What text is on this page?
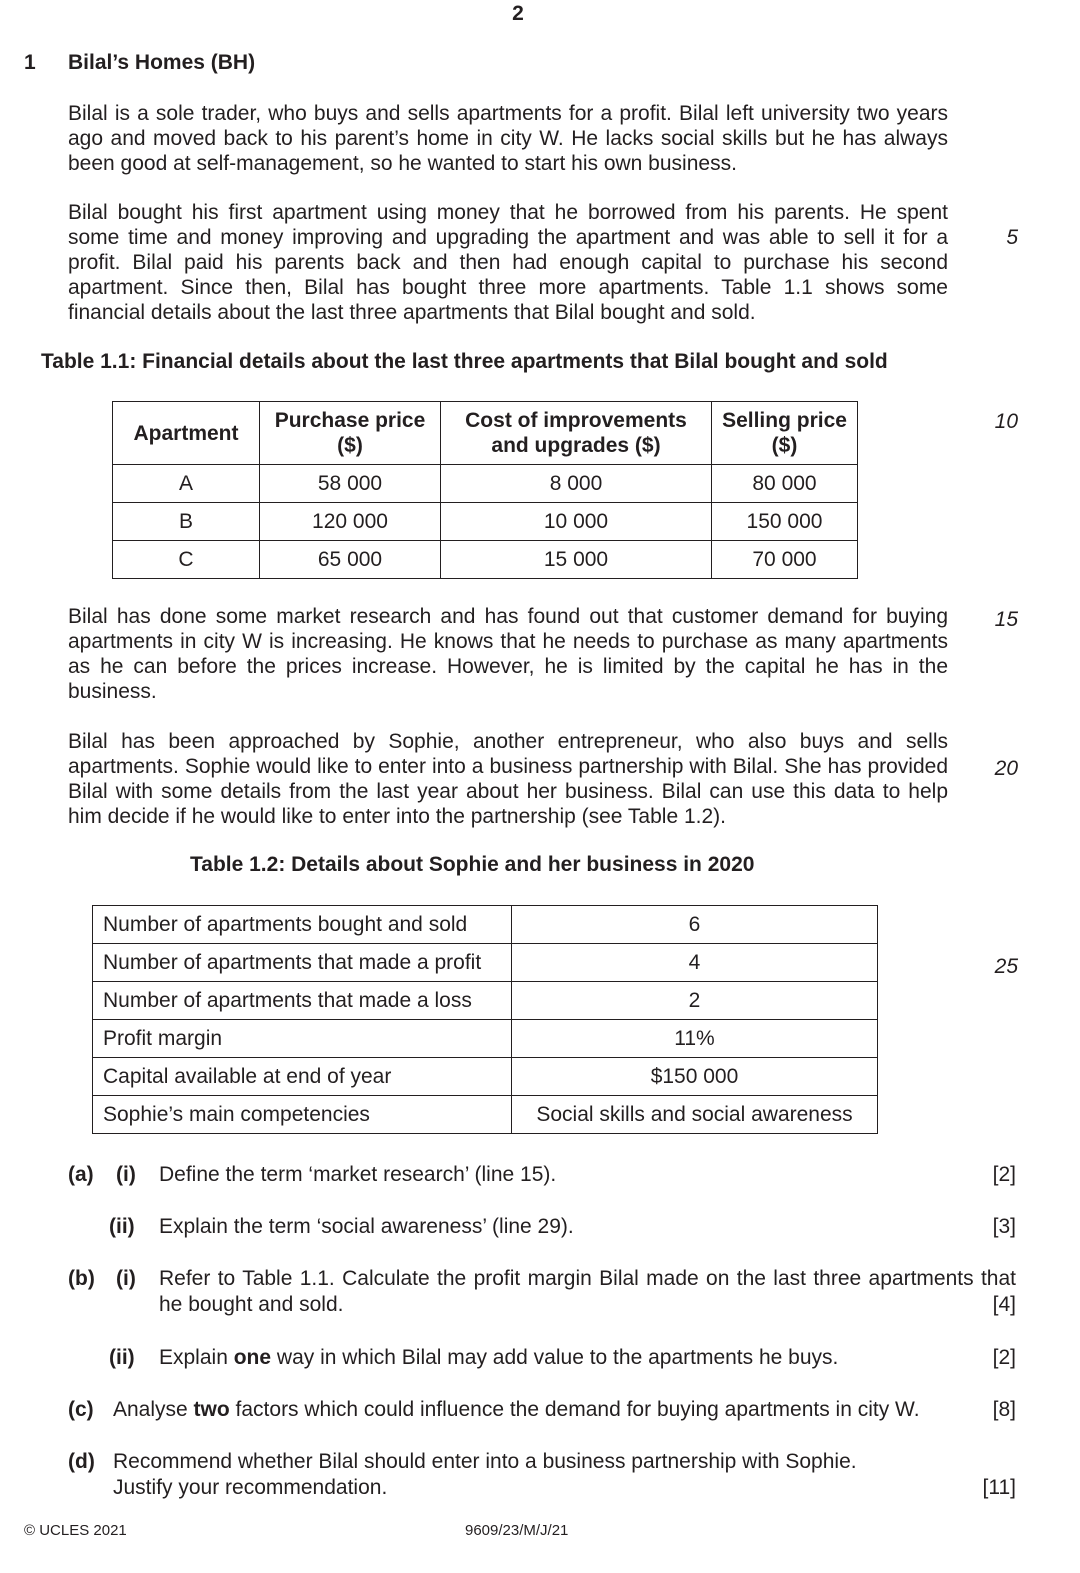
2
1 Bilal’s Homes (BH)

Bilal is a sole trader, who buys and sells apartments for a profit. Bilal left university two years ago and moved back to his parent’s home in city W. He lacks social skills but he has always been good at self-management, so he wanted to start his own business.

Bilal bought his first apartment using money that he borrowed from his parents. He spent some time and money improving and upgrading the apartment and was able to sell it for a profit. Bilal paid his parents back and then had enough capital to purchase his second apartment. Since then, Bilal has bought three more apartments. Table 1.1 shows some financial details about the last three apartments that Bilal bought and sold.

5
Table 1.1: Financial details about the last three apartments that Bilal bought and sold
Apartment	Purchase price ($)	Cost of improvements and upgrades ($)	Selling price ($)
A	58 000	8 000	80 000
B	120 000	10 000	150 000
C	65 000	15 000	70 000
10

Bilal has done some market research and has found out that customer demand for buying apartments in city W is increasing. He knows that he needs to purchase as many apartments as he can before the prices increase. However, he is limited by the capital he has in the business.

15

Bilal has been approached by Sophie, another entrepreneur, who also buys and sells apartments. Sophie would like to enter into a business partnership with Bilal. She has provided Bilal with some details from the last year about her business. Bilal can use this data to help him decide if he would like to enter into the partnership (see Table 1.2).

20
Table 1.2: Details about Sophie and her business in 2020
Number of apartments bought and sold	6
Number of apartments that made a profit	4
Number of apartments that made a loss	2
Profit margin	11%
Capital available at end of year	$150 000
Sophie’s main competencies	Social skills and social awareness
25
(a) (i) Define the term ‘market research’ (line 15).	[2]
(ii) Explain the term ‘social awareness’ (line 29).	[3]
(b) (i) Refer to Table 1.1. Calculate the profit margin Bilal made on the last three apartments that he bought and sold.	[4]
(ii) Explain one way in which Bilal may add value to the apartments he buys.	[2]
(c) Analyse two factors which could influence the demand for buying apartments in city W.	[8]
(d) Recommend whether Bilal should enter into a business partnership with Sophie.
Justify your recommendation.	[11]
© UCLES 2021	9609/23/M/J/21
